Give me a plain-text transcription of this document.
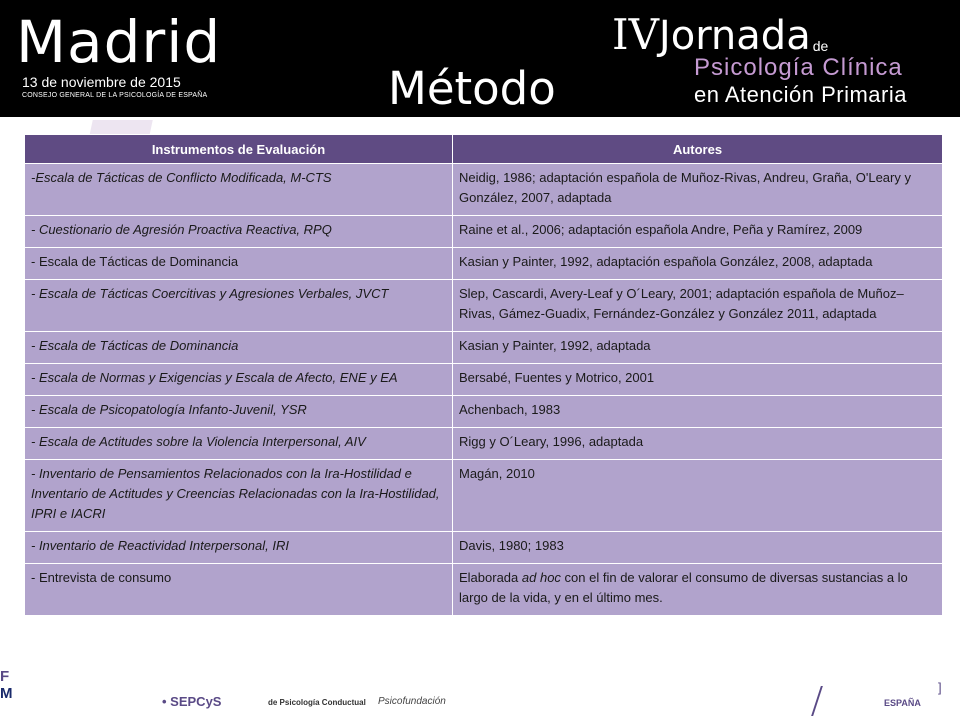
Madrid
13 de noviembre de 2015
CONSEJO GENERAL DE LA PSICOLOGÍA DE ESPAÑA	Método
IVJornada de
Psicología Clínica
en Atención Primaria
Instrumentos de Evaluación	Autores
-Escala de Tácticas de Conflicto Modificada, M-CTS	Neidig, 1986; adaptación española de Muñoz-Rivas, Andreu, Graña, O'Leary y González, 2007, adaptada
- Cuestionario de Agresión Proactiva Reactiva, RPQ	Raine et al., 2006; adaptación española Andre, Peña y Ramírez, 2009
- Escala de Tácticas de Dominancia	Kasian y Painter, 1992, adaptación española González, 2008, adaptada
- Escala de Tácticas Coercitivas y Agresiones Verbales, JVCT	Slep, Cascardi, Avery-Leaf y O´Leary, 2001; adaptación española de Muñoz–Rivas, Gámez-Guadix, Fernández-González y González 2011, adaptada
- Escala de Tácticas de Dominancia	Kasian y Painter, 1992, adaptada
- Escala de Normas y Exigencias y Escala de Afecto, ENE y EA	Bersabé, Fuentes y Motrico, 2001
- Escala de Psicopatología Infanto-Juvenil, YSR	Achenbach, 1983
- Escala de Actitudes sobre la Violencia Interpersonal, AIV	Rigg y O´Leary, 1996, adaptada
- Inventario de Pensamientos Relacionados con la Ira-Hostilidad e Inventario de Actitudes y Creencias Relacionadas con la Ira-Hostilidad, IPRI e IACRI	Magán, 2010
- Inventario de Reactividad Interpersonal, IRI	Davis, 1980; 1983
- Entrevista de consumo	Elaborada ad hoc con el fin de valorar el consumo de diversas sustancias a lo largo de la vida, y en el último mes.
F
M	• SEPCyS	de Psicología Conductual Psicofundación	ESPAÑA
]
